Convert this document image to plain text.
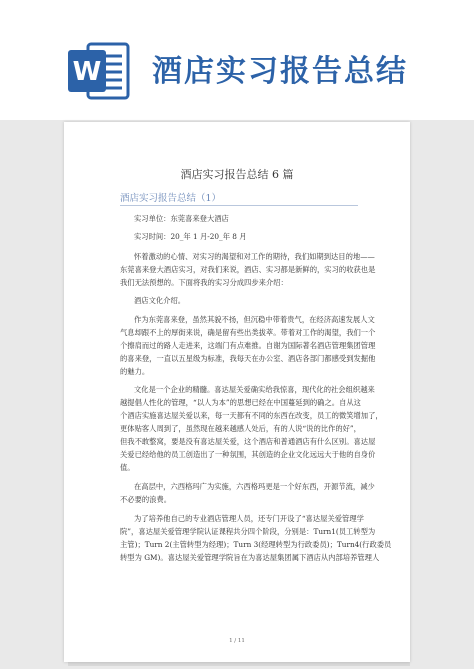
W 酒店实习报告总结
酒店实习报告总结 6 篇
酒店实习报告总结（1）
实习单位：东莞喜来登大酒店
实习时间：20_年 1 月-20_年 8 月
怀着激动的心情、对实习的渴望和对工作的期待，我们如期到达目的地——
东莞喜来登大酒店实习，对我们来说，酒店、实习都是新鲜的，实习的收获也是
我们无法预想的。下面将我的实习分成四步来介绍：
酒店文化介绍。
作为东莞喜来登，虽然其貌不扬，但沉稳中带着贵气，在经济高速发展人文
气息却跟不上的厚街来说，确是留有些出类拔萃。带着对工作的渴望，我们一个
个擦肩而过的路人走进来，这端门有点难推。自谢为国际著名酒店管理集团管理
的喜来登，一直以五星级为标准，我每天在办公室、酒店各部门都感受到发掘他
的魅力。
文化是一个企业的精髓。喜达屋关爱确实给我惊喜，现代化的社会组织越来
越提倡人性化的管理，“以人为本”的思想已经在中国蔓延到的确之。自从这
个酒店实施喜达屋关爱以来，每一天都有不同的东西在改变，员工的微笑增加了，
更体贴客人周到了，虽然现在越来越感人处后，有的人说“说的比作的好”，
但我不敢整窝，要是没有喜达屋关爱，这个酒店和普通酒店有什么区别。喜达屋
关爱已经给他的员工创造出了一种氛围，其创造的企业文化远远大于他的自身价
值。
在高层中，六西格玛广为实施，六西格玛更是一个好东西，开源节流，减少
不必要的浪费。
为了培养他自己的专业酒店管理人员，还专门开设了“喜达屋关爱管理学
院”，喜达屋关爱管理学院认证课程共分四个阶段，分别是：Turn1(员工转型为
主管)；Turn 2(主管转型为经理)；Turn 3(经理转型为行政委员)；Turn4(行政委员
转型为 GM)。喜达屋关爱管理学院旨在为喜达屋集团属下酒店从内部培养管理人
1 / 11
